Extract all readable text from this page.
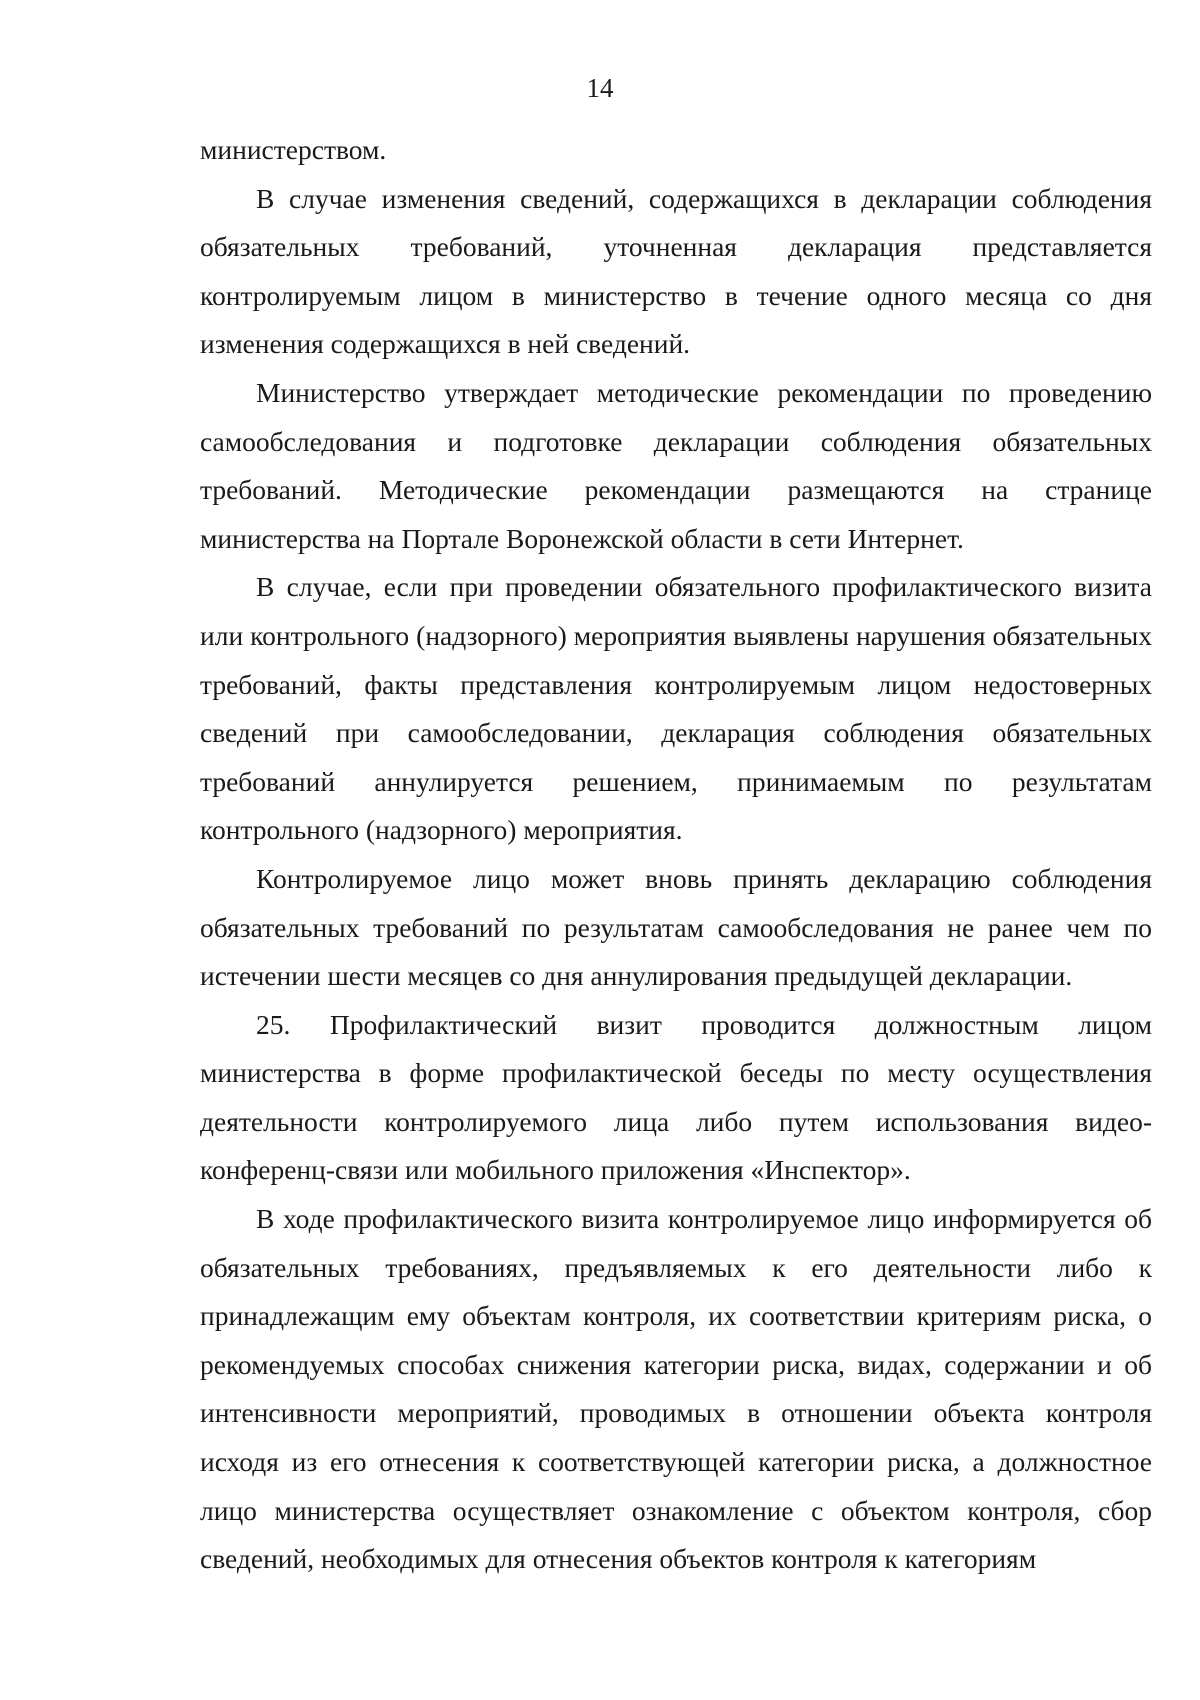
14

министерством.

В случае изменения сведений, содержащихся в декларации соблюдения обязательных требований, уточненная декларация представляется контролируемым лицом в министерство в течение одного месяца со дня изменения содержащихся в ней сведений.

Министерство утверждает методические рекомендации по проведению самообследования и подготовке декларации соблюдения обязательных требований. Методические рекомендации размещаются на странице министерства на Портале Воронежской области в сети Интернет.

В случае, если при проведении обязательного профилактического визита или контрольного (надзорного) мероприятия выявлены нарушения обязательных требований, факты представления контролируемым лицом недостоверных сведений при самообследовании, декларация соблюдения обязательных требований аннулируется решением, принимаемым по результатам контрольного (надзорного) мероприятия.

Контролируемое лицо может вновь принять декларацию соблюдения обязательных требований по результатам самообследования не ранее чем по истечении шести месяцев со дня аннулирования предыдущей декларации.

25. Профилактический визит проводится должностным лицом министерства в форме профилактической беседы по месту осуществления деятельности контролируемого лица либо путем использования видео-конференц-связи или мобильного приложения «Инспектор».

В ходе профилактического визита контролируемое лицо информируется об обязательных требованиях, предъявляемых к его деятельности либо к принадлежащим ему объектам контроля, их соответствии критериям риска, о рекомендуемых способах снижения категории риска, видах, содержании и об интенсивности мероприятий, проводимых в отношении объекта контроля исходя из его отнесения к соответствующей категории риска, а должностное лицо министерства осуществляет ознакомление с объектом контроля, сбор сведений, необходимых для отнесения объектов контроля к категориям
